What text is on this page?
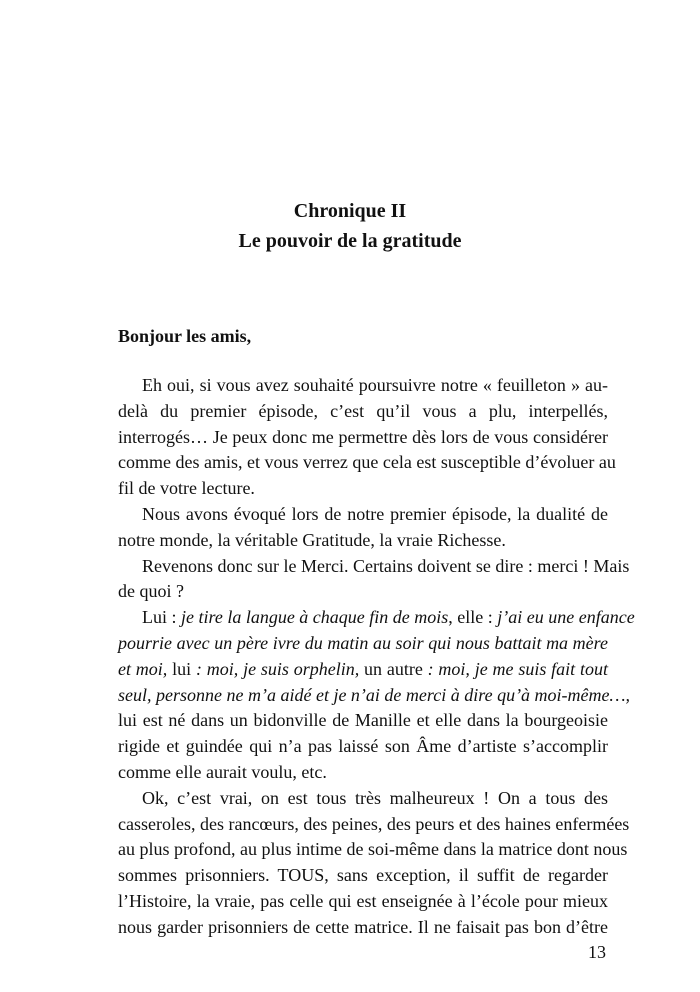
Chronique II
Le pouvoir de la gratitude
Bonjour les amis,
Eh oui, si vous avez souhaité poursuivre notre « feuilleton » au-
delà du premier épisode, c’est qu’il vous a plu, interpellés,
interrogés… Je peux donc me permettre dès lors de vous considérer
comme des amis, et vous verrez que cela est susceptible d’évoluer au
fil de votre lecture.
Nous avons évoqué lors de notre premier épisode, la dualité de
notre monde, la véritable Gratitude, la vraie Richesse.
Revenons donc sur le Merci. Certains doivent se dire : merci ! Mais
de quoi ?
Lui : je tire la langue à chaque fin de mois, elle : j’ai eu une enfance
pourrie avec un père ivre du matin au soir qui nous battait ma mère
et moi, lui : moi, je suis orphelin, un autre : moi, je me suis fait tout
seul, personne ne m’a aidé et je n’ai de merci à dire qu’à moi-même…,
lui est né dans un bidonville de Manille et elle dans la bourgeoisie
rigide et guindée qui n’a pas laissé son Âme d’artiste s’accomplir
comme elle aurait voulu, etc.
Ok, c’est vrai, on est tous très malheureux ! On a tous des
casseroles, des rancœurs, des peines, des peurs et des haines enfermées
au plus profond, au plus intime de soi-même dans la matrice dont nous
sommes prisonniers. TOUS, sans exception, il suffit de regarder
l’Histoire, la vraie, pas celle qui est enseignée à l’école pour mieux
nous garder prisonniers de cette matrice. Il ne faisait pas bon d’être
13
